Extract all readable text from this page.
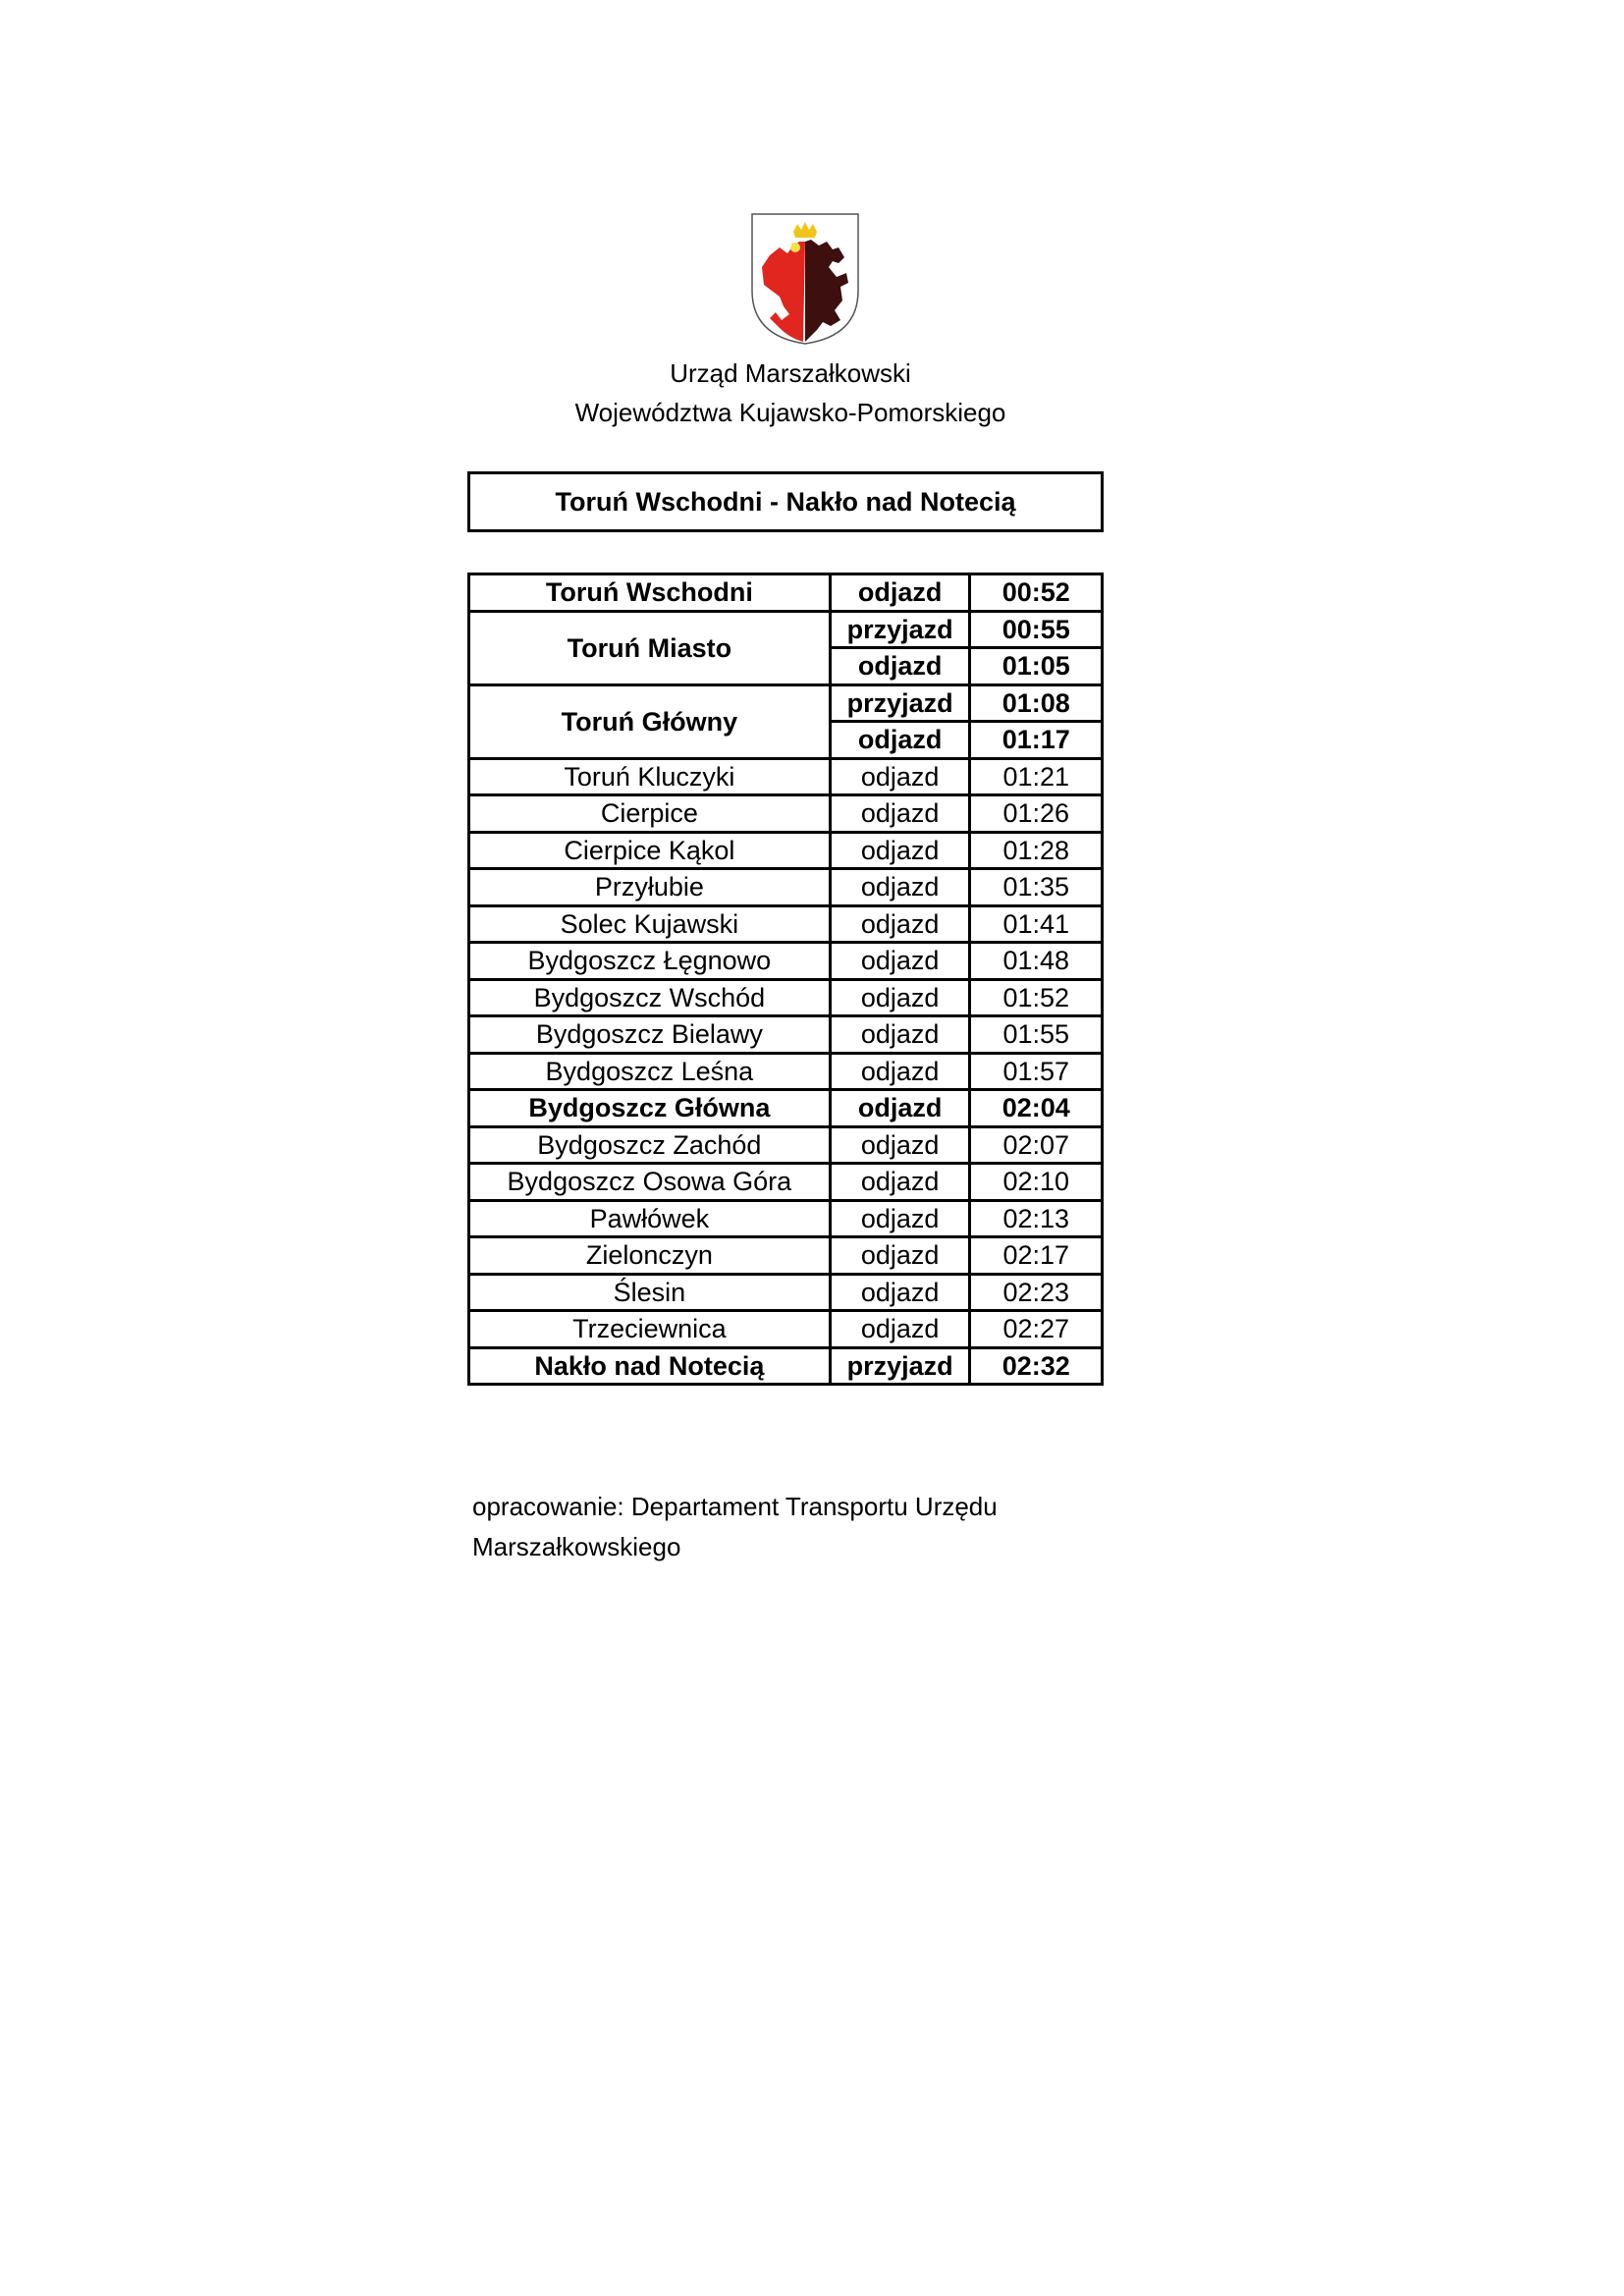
Urząd Marszałkowski
Województwa Kujawsko-Pomorskiego
Toruń Wschodni - Nakło nad Notecią
Toruń Wschodni	odjazd	00:52
Toruń Miasto	przyjazd	00:55
	odjazd	01:05
Toruń Główny	przyjazd	01:08
	odjazd	01:17
Toruń Kluczyki	odjazd	01:21
Cierpice	odjazd	01:26
Cierpice Kąkol	odjazd	01:28
Przyłubie	odjazd	01:35
Solec Kujawski	odjazd	01:41
Bydgoszcz Łęgnowo	odjazd	01:48
Bydgoszcz Wschód	odjazd	01:52
Bydgoszcz Bielawy	odjazd	01:55
Bydgoszcz Leśna	odjazd	01:57
Bydgoszcz Główna	odjazd	02:04
Bydgoszcz Zachód	odjazd	02:07
Bydgoszcz Osowa Góra	odjazd	02:10
Pawłówek	odjazd	02:13
Zielonczyn	odjazd	02:17
Ślesin	odjazd	02:23
Trzeciewnica	odjazd	02:27
Nakło nad Notecią	przyjazd	02:32
opracowanie: Departament Transportu Urzędu Marszałkowskiego
